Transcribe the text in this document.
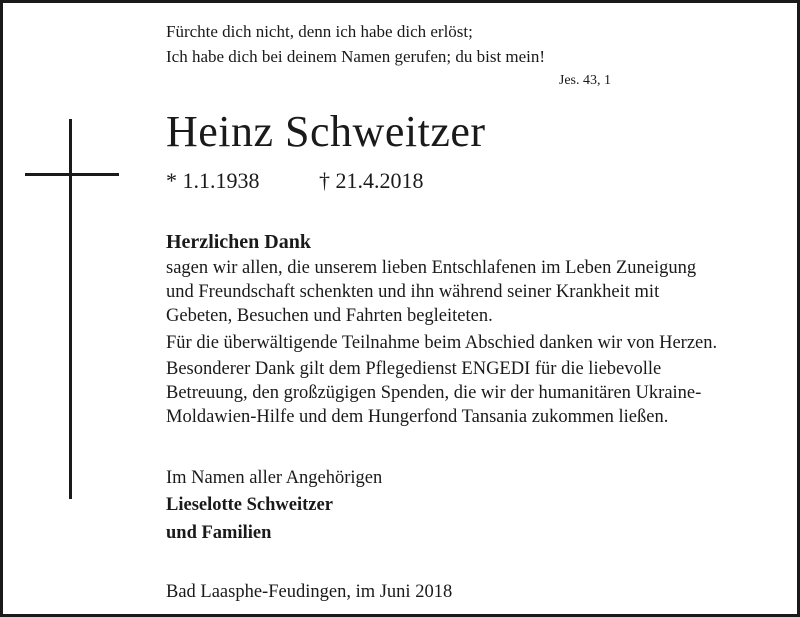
Fürchte dich nicht, denn ich habe dich erlöst;
Ich habe dich bei deinem Namen gerufen; du bist mein!
Jes. 43, 1
Heinz Schweitzer
* 1.1.1938	† 21.4.2018
Herzlichen Dank
sagen wir allen, die unserem lieben Entschlafenen im Leben Zuneigung
und Freundschaft schenkten und ihn während seiner Krankheit mit
Gebeten, Besuchen und Fahrten begleiteten.
Für die überwältigende Teilnahme beim Abschied danken wir von Herzen.
Besonderer Dank gilt dem Pflegedienst ENGEDI für die liebevolle
Betreuung, den großzügigen Spenden, die wir der humanitären Ukraine-
Moldawien-Hilfe und dem Hungerfond Tansania zukommen ließen.
Im Namen aller Angehörigen
Lieselotte Schweitzer
und Familien
Bad Laasphe-Feudingen, im Juni 2018
